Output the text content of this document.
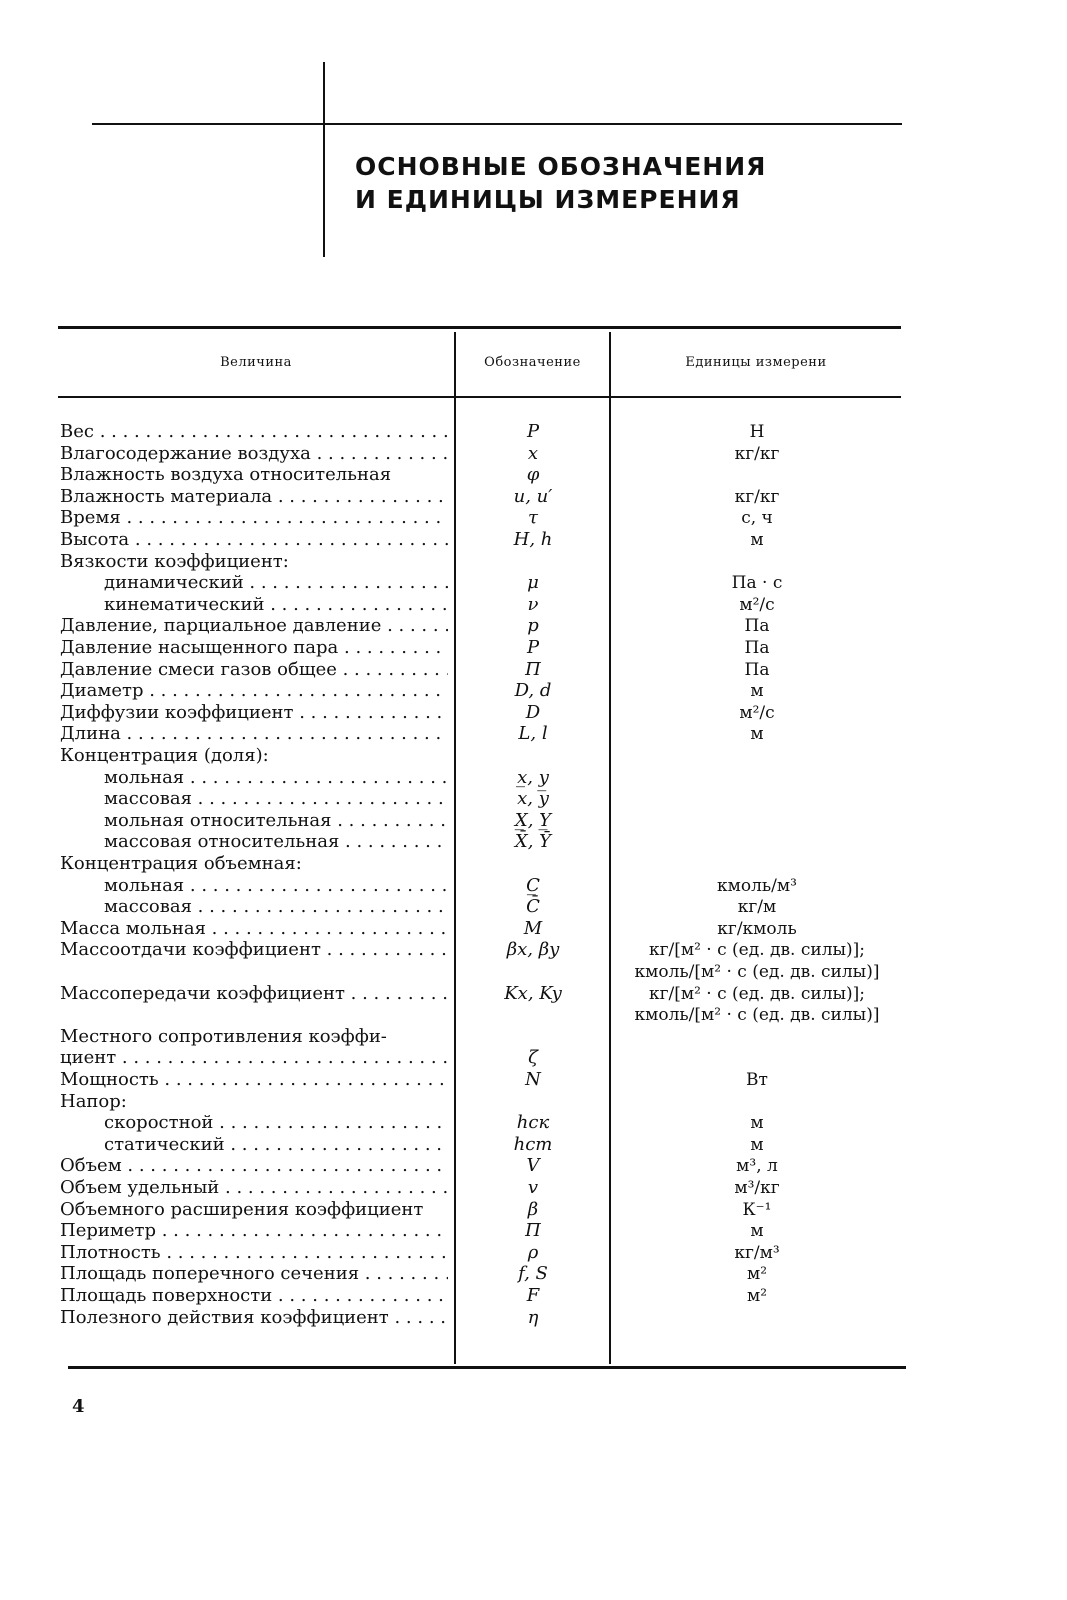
ОСНОВНЫЕ ОБОЗНАЧЕНИЯ
И ЕДИНИЦЫ ИЗМЕРЕНИЯ
Величина	Обозначение	Единицы измерени
Вес . . .	P	Н
Влагосодержание воздуха . . .	x	кг/кг
Влажность воздуха относительная	φ
Влажность материала . . .	u, u′	кг/кг
Время . . .	τ	с, ч
Высота . . .	H, h	м
Вязкости коэффициент:
динамический . . .	μ	Па · с
кинематический . . .	ν	м²/с
Давление, парциальное давление . . .	p	Па
Давление насыщенного пара . . .	P	Па
Давление смеси газов общее . . .	П	Па
Диаметр . . .	D, d	м
Диффузии коэффициент . . .	D	м²/с
Длина . . .	L, l	м
Концентрация (доля):
мольная . . .	x̲, y̲
массовая . . .	x, y
мольная относительная . . .	X̲, Y̲
массовая относительная . . .	X̄, Ȳ
Концентрация объемная:
мольная . . .	C̲	кмоль/м³
массовая . . .	C̄	кг/м
Масса мольная . . .	M	кг/кмоль
Массоотдачи коэффициент . . .	βx, βy	кг/[м² · с (ед. дв. силы)];
кмоль/[м² · с (ед. дв. силы)]
Массопередачи коэффициент . . .	Kx, Ky	кг/[м² · с (ед. дв. силы)];
кмоль/[м² · с (ед. дв. силы)]
Местного сопротивления коэффи-
циент . . .	ζ
Мощность . . .	N	Вт
Напор:
скоростной . . .	hск	м
статический . . .	hст	м
Объем . . .	V	м³, л
Объем удельный . . .	v	м³/кг
Объемного расширения коэффициент	β	К⁻¹
Периметр . . .	П	м
Плотность . . .	ρ	кг/м³
Площадь поперечного сечения . . .	f, S	м²
Площадь поверхности . . .	F	м²
Полезного действия коэффициент . . .	η
4
